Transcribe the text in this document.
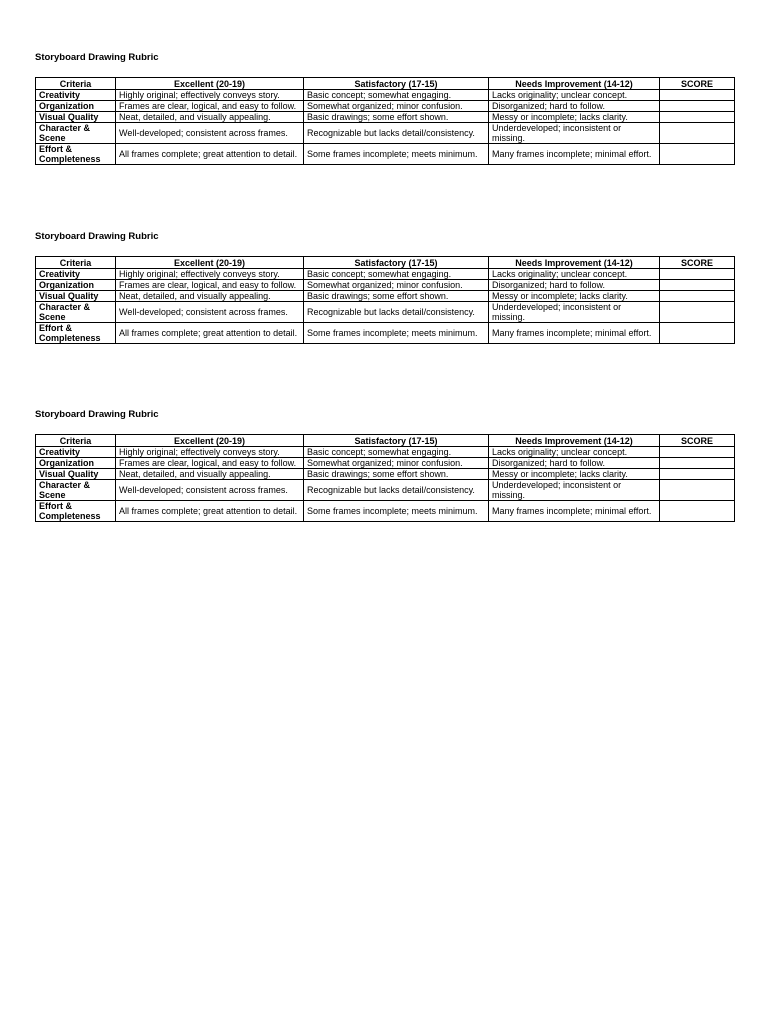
Storyboard Drawing Rubric
Criteria	Excellent (20-19)	Satisfactory (17-15)	Needs Improvement (14-12)	SCORE
Creativity	Highly original; effectively conveys story.	Basic concept; somewhat engaging.	Lacks originality; unclear concept.	
Organization	Frames are clear, logical, and easy to follow.	Somewhat organized; minor confusion.	Disorganized; hard to follow.	
Visual Quality	Neat, detailed, and visually appealing.	Basic drawings; some effort shown.	Messy or incomplete; lacks clarity.	
Character & Scene	Well-developed; consistent across frames.	Recognizable but lacks detail/consistency.	Underdeveloped; inconsistent or missing.	
Effort & Completeness	All frames complete; great attention to detail.	Some frames incomplete; meets minimum.	Many frames incomplete; minimal effort.	
Storyboard Drawing Rubric
Criteria	Excellent (20-19)	Satisfactory (17-15)	Needs Improvement (14-12)	SCORE
Creativity	Highly original; effectively conveys story.	Basic concept; somewhat engaging.	Lacks originality; unclear concept.	
Organization	Frames are clear, logical, and easy to follow.	Somewhat organized; minor confusion.	Disorganized; hard to follow.	
Visual Quality	Neat, detailed, and visually appealing.	Basic drawings; some effort shown.	Messy or incomplete; lacks clarity.	
Character & Scene	Well-developed; consistent across frames.	Recognizable but lacks detail/consistency.	Underdeveloped; inconsistent or missing.	
Effort & Completeness	All frames complete; great attention to detail.	Some frames incomplete; meets minimum.	Many frames incomplete; minimal effort.	
Storyboard Drawing Rubric
Criteria	Excellent (20-19)	Satisfactory (17-15)	Needs Improvement (14-12)	SCORE
Creativity	Highly original; effectively conveys story.	Basic concept; somewhat engaging.	Lacks originality; unclear concept.	
Organization	Frames are clear, logical, and easy to follow.	Somewhat organized; minor confusion.	Disorganized; hard to follow.	
Visual Quality	Neat, detailed, and visually appealing.	Basic drawings; some effort shown.	Messy or incomplete; lacks clarity.	
Character & Scene	Well-developed; consistent across frames.	Recognizable but lacks detail/consistency.	Underdeveloped; inconsistent or missing.	
Effort & Completeness	All frames complete; great attention to detail.	Some frames incomplete; meets minimum.	Many frames incomplete; minimal effort.	
